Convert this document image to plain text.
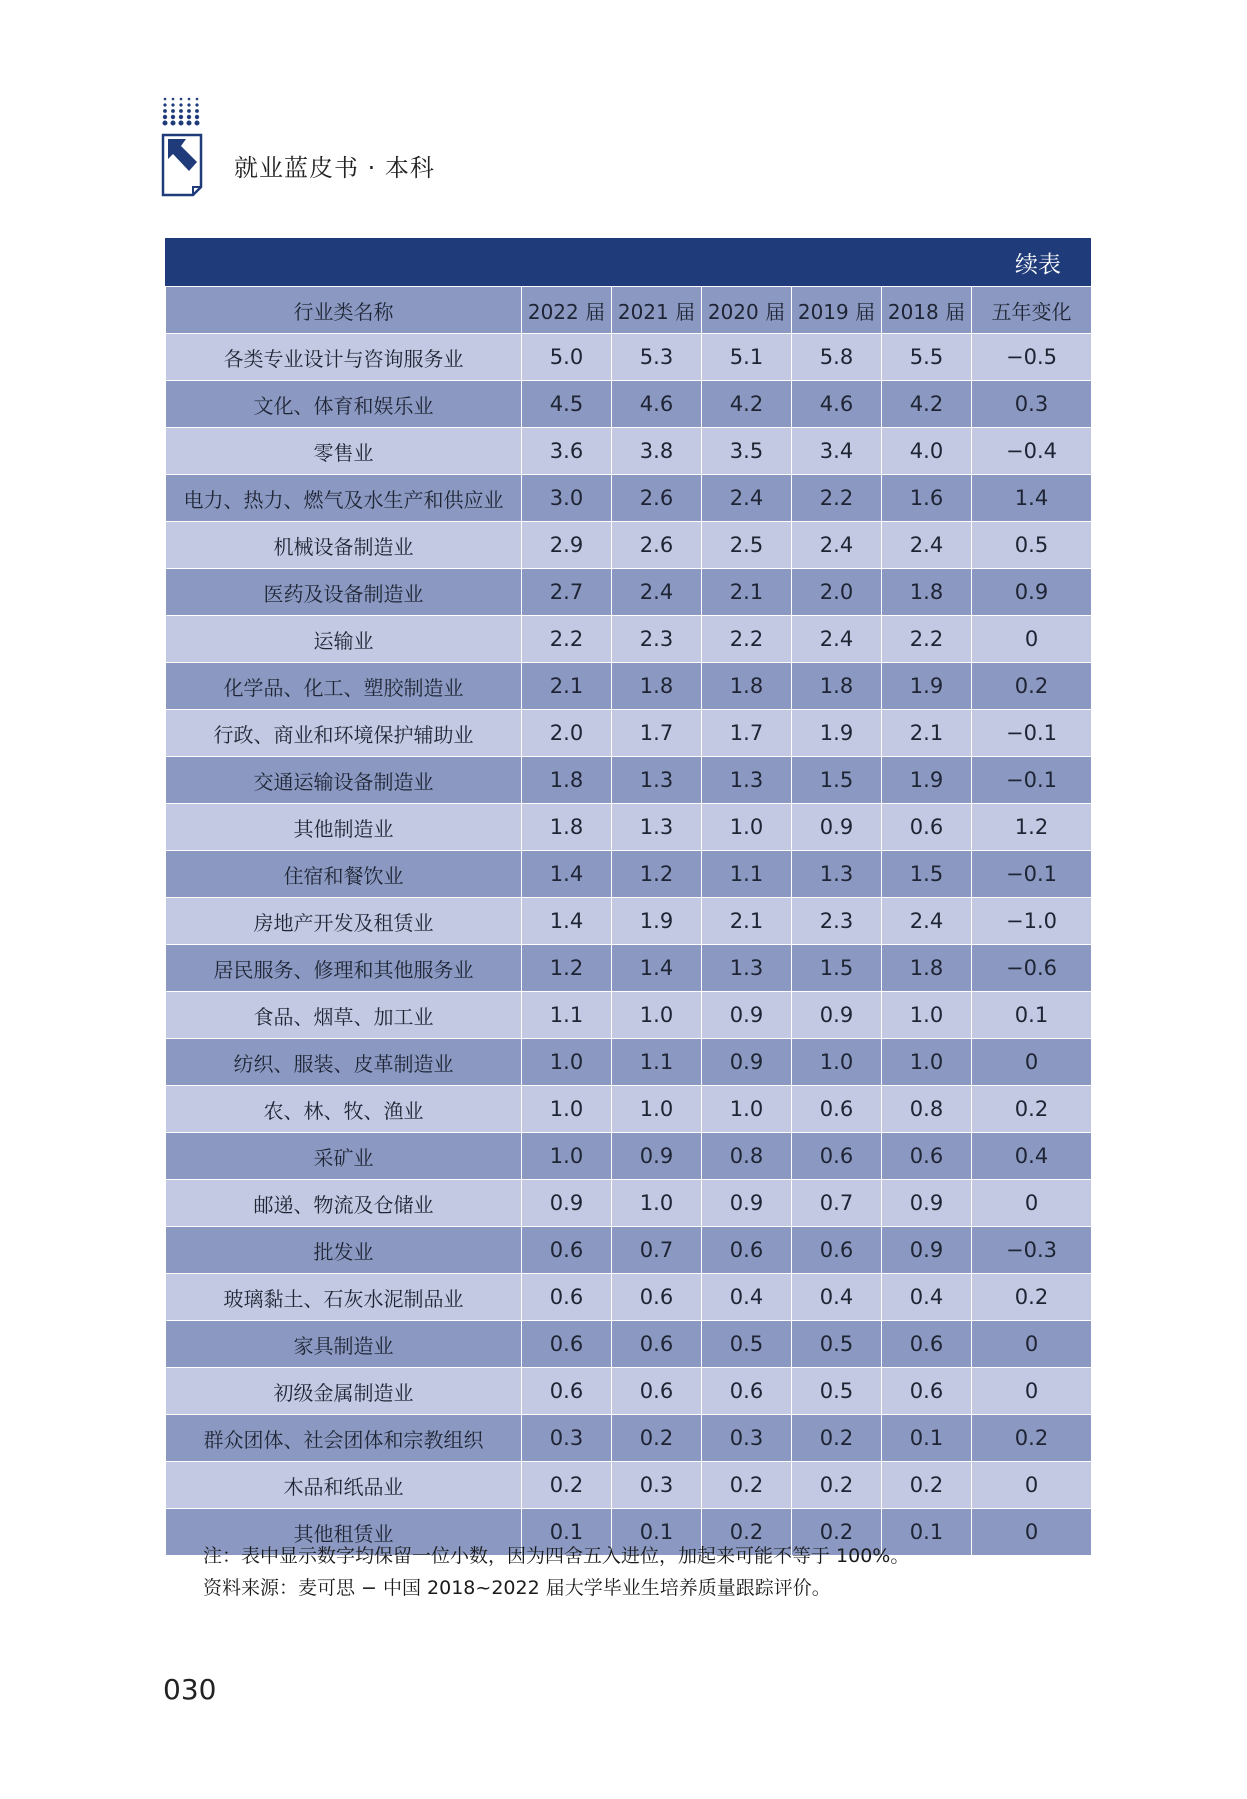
就业蓝皮书 · 本科
续表
行业类名称	2022 届	2021 届	2020 届	2019 届	2018 届	五年变化
各类专业设计与咨询服务业	5.0	5.3	5.1	5.8	5.5	−0.5
文化、体育和娱乐业	4.5	4.6	4.2	4.6	4.2	0.3
零售业	3.6	3.8	3.5	3.4	4.0	−0.4
电力、热力、燃气及水生产和供应业	3.0	2.6	2.4	2.2	1.6	1.4
机械设备制造业	2.9	2.6	2.5	2.4	2.4	0.5
医药及设备制造业	2.7	2.4	2.1	2.0	1.8	0.9
运输业	2.2	2.3	2.2	2.4	2.2	0
化学品、化工、塑胶制造业	2.1	1.8	1.8	1.8	1.9	0.2
行政、商业和环境保护辅助业	2.0	1.7	1.7	1.9	2.1	−0.1
交通运输设备制造业	1.8	1.3	1.3	1.5	1.9	−0.1
其他制造业	1.8	1.3	1.0	0.9	0.6	1.2
住宿和餐饮业	1.4	1.2	1.1	1.3	1.5	−0.1
房地产开发及租赁业	1.4	1.9	2.1	2.3	2.4	−1.0
居民服务、修理和其他服务业	1.2	1.4	1.3	1.5	1.8	−0.6
食品、烟草、加工业	1.1	1.0	0.9	0.9	1.0	0.1
纺织、服装、皮革制造业	1.0	1.1	0.9	1.0	1.0	0
农、林、牧、渔业	1.0	1.0	1.0	0.6	0.8	0.2
采矿业	1.0	0.9	0.8	0.6	0.6	0.4
邮递、物流及仓储业	0.9	1.0	0.9	0.7	0.9	0
批发业	0.6	0.7	0.6	0.6	0.9	−0.3
玻璃黏土、石灰水泥制品业	0.6	0.6	0.4	0.4	0.4	0.2
家具制造业	0.6	0.6	0.5	0.5	0.6	0
初级金属制造业	0.6	0.6	0.6	0.5	0.6	0
群众团体、社会团体和宗教组织	0.3	0.2	0.3	0.2	0.1	0.2
木品和纸品业	0.2	0.3	0.2	0.2	0.2	0
其他租赁业	0.1	0.1	0.2	0.2	0.1	0
注：表中显示数字均保留一位小数，因为四舍五入进位，加起来可能不等于 100%。
资料来源：麦可思 − 中国 2018~2022 届大学毕业生培养质量跟踪评价。
030
